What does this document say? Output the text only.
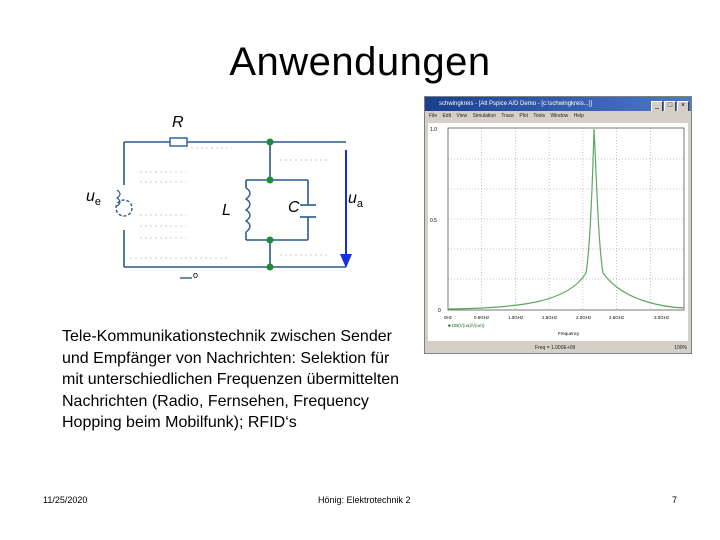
Anwendungen
R
$u_e$	L	C
$u_a$
o
schwingkreis - [Alt Pspice A/D Demo - [c:\schwingkreis...]]	_ □ ×
File Edit View Simulation Trace Plot Tools Window Help
1.0
0.5
0
0Hz	0.5GHz	1.0GHz	1.5GHz	2.0GHz	2.5GHz	3.0GHz
■ DB(V(ua)/V(ue))
Frequency
Freq = 1.000E+09	100%
Tele-Kommunikationstechnik zwischen Sender und Empfänger von Nachrichten: Selektion für mit unterschiedlichen Frequenzen übermittelten Nachrichten (Radio, Fernsehen, Frequency Hopping beim Mobilfunk); RFID‘s
11/25/2020	Hönig: Elektrotechnik 2	7
